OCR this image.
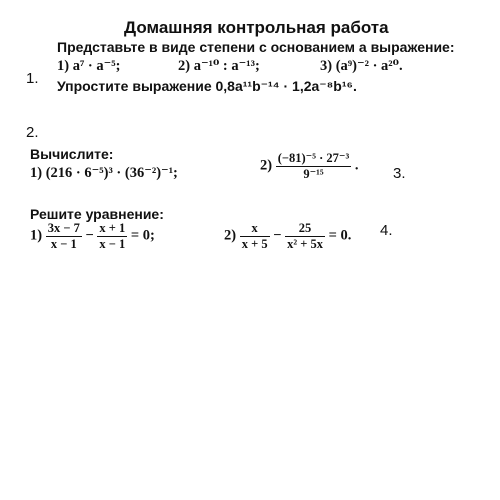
Домашняя контрольная работа
1.
Представьте в виде степени с основанием a выражение:
1) a⁷ · a⁻⁵;	2) a⁻¹⁰ : a⁻¹³;	3) (a⁹)⁻² · a²⁰.
Упростите выражение 0,8a¹¹b⁻¹⁴ · 1,2a⁻⁸b¹⁶.
2.
Вычислите:
1) (216 · 6⁻⁵)³ · (36⁻²)⁻¹;	$2) \frac{\text{(−81)⁻⁵ · 27⁻³}}{\text{9⁻¹⁵}}$ . 3.
Решите уравнение:
$1) \frac{3x - 7}{x - 1} - \frac{x + 1}{x - 1} = 0$;	$2) \frac{x}{x + 5} - \frac{25}{\text{x² + 5x}} = 0$. 4.
